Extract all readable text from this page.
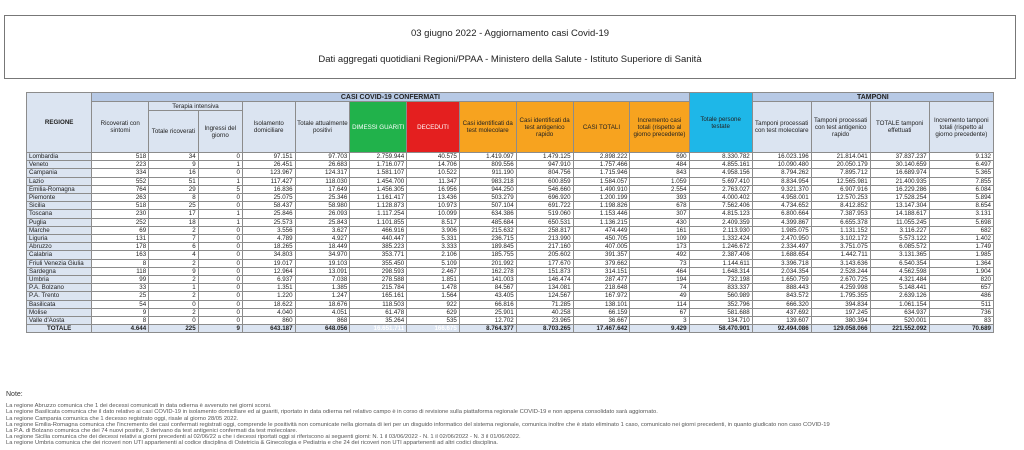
03 giugno 2022 - Aggiornamento casi Covid-19
Dati aggregati quotidiani Regioni/PPAA - Ministero della Salute - Istituto Superiore di Sanità
REGIONE	CASI COVID-19 CONFERMATI											Totale persone testate	TAMPONI			
	Ricoverati con sintomi	Terapia intensiva		Isolamento domiciliare	Totale attualmente positivi	DIMESSI GUARITI	DECEDUTI	Casi identificati da test molecolare	Casi identificati da test antigenico rapido	CASI TOTALI	Incremento casi totali (rispetto al giorno precedente)		Tamponi processati con test molecolare	Tamponi processati con test antigenico rapido	TOTALE tamponi effettuati	Incremento tamponi totali (rispetto al giorno precedente)
		Totale ricoverati	Ingressi del giorno													
Lombardia	518	34	0	97.151	97.703	2.759.944	40.575	1.419.097	1.479.125	2.898.222	690	8.330.782	16.023.196	21.814.041	37.837.237	9.132
Veneto	223	9	1	26.451	26.683	1.716.077	14.706	809.556	947.910	1.757.466	484	4.855.161	10.090.480	20.050.179	30.140.659	6.497
Campania	334	16	0	123.967	124.317	1.581.107	10.522	911.190	804.756	1.715.946	843	4.958.156	8.794.262	7.895.712	16.689.974	5.365
Lazio	552	51	1	117.427	118.030	1.454.700	11.347	983.218	600.859	1.584.057	1.059	5.697.410	8.834.954	12.565.981	21.400.935	7.855
Emilia-Romagna	764	29	5	16.836	17.649	1.456.305	16.956	944.250	546.660	1.490.910	2.554	2.763.027	9.321.370	6.907.916	16.229.286	6.084
Piemonte	263	8	0	25.075	25.346	1.161.417	13.436	503.279	696.920	1.200.199	393	4.000.402	4.958.001	12.570.253	17.528.254	5.894
Sicilia	518	25	0	58.437	58.980	1.128.873	10.973	507.104	691.722	1.198.826	678	7.562.406	4.734.652	8.412.852	13.147.304	8.654
Toscana	230	17	1	25.846	26.093	1.117.254	10.099	634.386	519.060	1.153.446	307	4.815.123	6.800.664	7.387.953	14.188.617	3.131
Puglia	252	18	1	25.573	25.843	1.101.855	8.517	485.684	650.531	1.136.215	430	2.409.359	4.399.867	6.655.378	11.055.245	5.698
Marche	69	2	0	3.556	3.627	466.916	3.906	215.632	258.817	474.449	161	2.113.930	1.985.075	1.131.152	3.116.227	682
Liguria	131	7	0	4.789	4.927	440.447	5.331	236.715	213.990	450.705	109	1.332.424	2.470.950	3.102.172	5.573.122	1.402
Abruzzo	178	6	0	18.265	18.449	385.223	3.333	189.845	217.160	407.005	173	1.246.672	2.334.497	3.751.075	6.085.572	1.749
Calabria	163	4	0	34.803	34.970	353.771	2.106	185.755	205.602	391.357	492	2.387.406	1.688.654	1.442.711	3.131.365	1.985
Friuli Venezia Giulia	8	2	0	19.017	19.103	355.450	5.109	201.992	177.670	379.662	73	1.144.611	3.396.718	3.143.636	6.540.354	1.364
Sardegna	118	9	0	12.964	13.091	298.593	2.467	162.278	151.873	314.151	464	1.648.314	2.034.354	2.528.244	4.562.598	1.904
Umbria	99	2	0	6.937	7.038	278.588	1.851	141.003	146.474	287.477	194	732.198	1.650.759	2.670.725	4.321.484	820
P.A. Bolzano	33	1	0	1.351	1.385	215.784	1.478	84.567	134.081	218.648	74	833.337	888.443	4.259.998	5.148.441	657
P.A. Trento	25	2	0	1.220	1.247	165.161	1.564	43.405	124.567	167.972	49	560.989	843.572	1.795.355	2.639.126	486
Basilicata	54	0	0	18.622	18.676	118.503	922	66.816	71.285	138.101	114	352.796	666.320	394.834	1.061.154	511
Molise	9	2	0	4.040	4.051	61.478	629	25.901	40.258	66.159	67	581.688	437.692	197.245	634.937	736
Valle d'Aosta	8	0	0	860	868	35.264	535	12.702	23.965	36.667	3	134.710	139.607	380.394	520.001	83
TOTALE	4.644	225	9	643.187	648.056	16.651.711	166.675	8.764.377	8.703.265	17.467.642	9.429	58.470.901	92.494.086	129.058.066	221.552.092	70.689
Note:
La regione Abruzzo comunica che 1 dei decessi comunicati in data odierna è avvenuto nei giorni scorsi.
La regione Basilicata comunica che il dato relativo ai casi COVID-19 in isolamento domiciliare ed ai guariti, riportato in data odierna nel relativo campo è in corso di revisione sulla piattaforma regionale COVID-19 e non appena consolidato sarà aggiornato.
La regione Campania comunica che 1 decesso registrato oggi, risale al giorno 28/05 2022.
La regione Emilia-Romagna comunica che l'incremento dei casi confermati registrati oggi, comprende le positività non comunicate nella giornata di ieri per un disguido informatico del sistema regionale, comunica inoltre che è stato eliminato 1 caso, comunicato nei giorni precedenti, in quanto giudicato non caso COVID-19
La P.A. di Bolzano comunica che dei 74 nuovi positivi, 3 derivano da test antigenici confermati da test molecolare.
La regione Sicilia comunica che dei decessi relativi a giorni precedenti al 02/06/22 a che i decessi riportati oggi si riferiscono ai seguenti giorni: N. 1 il 03/06/2022 - N. 1 il 02/06/2022 - N. 3 il 01/06/2022.
La regione Umbria comunica che dei ricoveri non UTI appartenenti al codice disciplina di Ostetricia & Ginecologia e Pediatria e che 24 dei ricoveri non UTI appartenenti ad altri codici disciplina.
